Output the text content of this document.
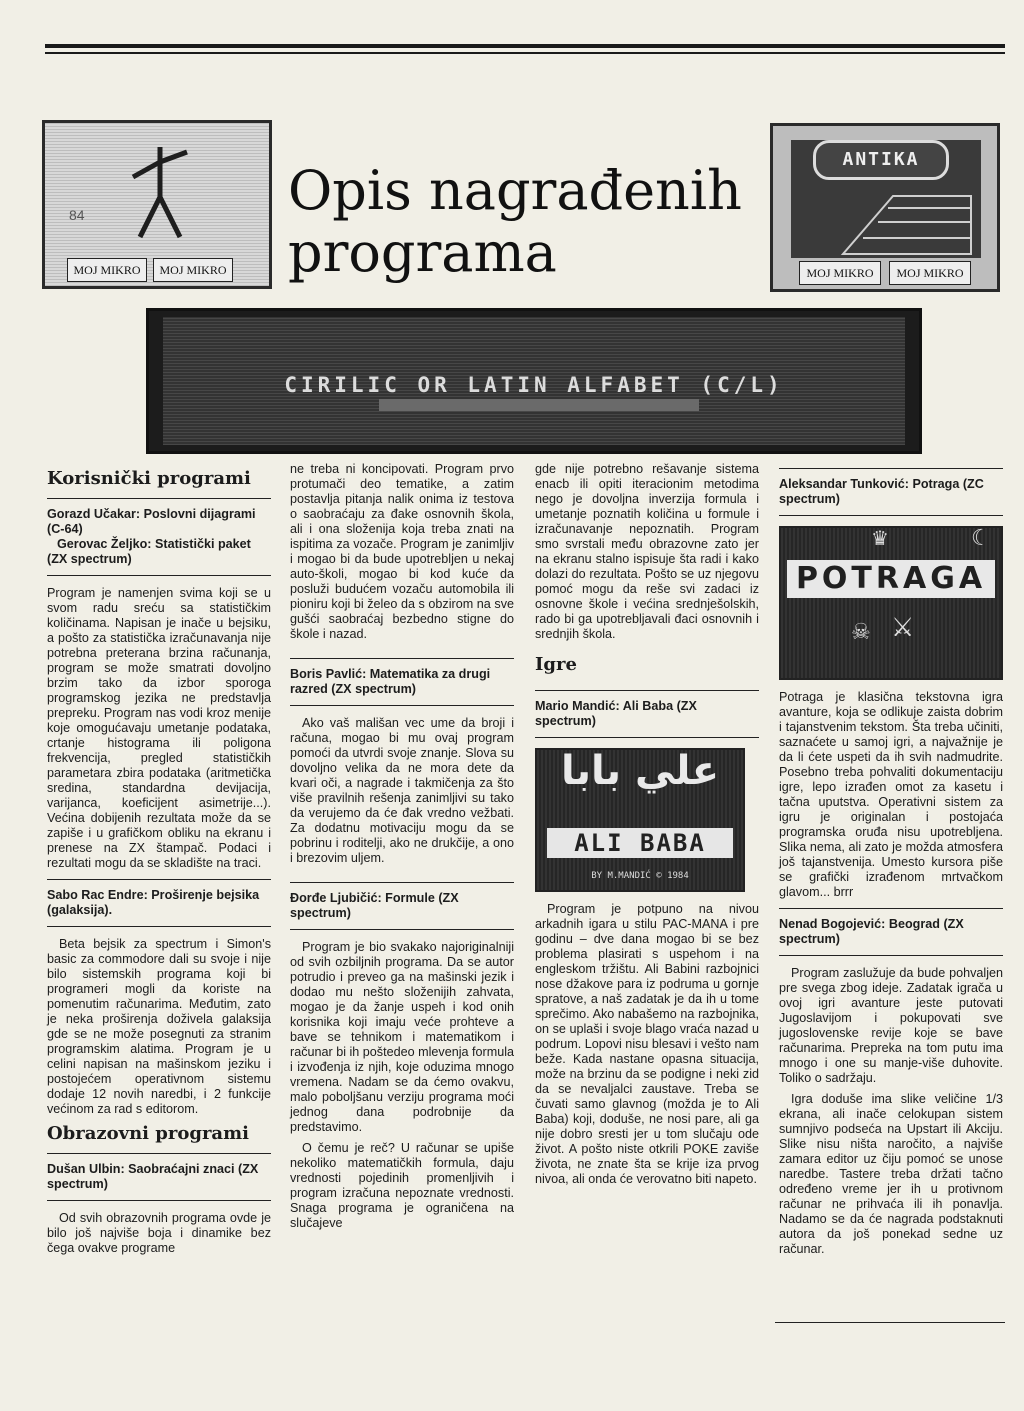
84
MOJ MIKRO	MOJ MIKRO
Opis nagrađenih
programa
ANTIKA
MOJ MIKRO	MOJ MIKRO
CIRILIC OR LATIN ALFABET (C/L)
Korisnički programi
Gorazd Učakar: Poslovni dijagrami (C-64)
Gerovac Željko: Statistički paket (ZX spectrum)

Program je namenjen svima koji se u svom radu sreću sa statističkim količinama. Napisan je inače u bejsiku, a pošto za statistička izračunavanja nije potrebna preterana brzina računanja, program se može smatrati dovoljno brzim tako da izbor sporoga programskog jezika ne predstavlja prepreku. Program nas vodi kroz menije koje omogućavaju umetanje podataka, crtanje histograma ili poligona frekvencija, pregled statističkih parametara zbira podataka (aritmetička sredina, standardna devijacija, varijanca, koeficijent asimetrije...). Većina dobijenih rezultata može da se zapiše i u grafičkom obliku na ekranu i prenese na ZX štampač. Podaci i rezultati mogu da se skladište na traci.

Sabo Rac Endre: Proširenje bejsika (galaksija).

Beta bejsik za spectrum i Simon's basic za commodore dali su svoje i nije bilo sistemskih programa koji bi programeri mogli da koriste na pomenutim računarima. Međutim, zato je neka proširenja doživela galaksija gde se ne može posegnuti za stranim programskim alatima. Program je u celini napisan na mašinskom jeziku i postojećem operativnom sistemu dodaje 12 novih naredbi, i 2 funkcije većinom za rad s editorom.

Obrazovni programi
Dušan Ulbin: Saobraćajni znaci (ZX spectrum)

Od svih obrazovnih programa ovde je bilo još najviše boja i dinamike bez čega ovakve programe

ne treba ni koncipovati. Program prvo protumači deo tematike, a zatim postavlja pitanja nalik onima iz testova o saobraćaju za đake osnovnih škola, ali i ona složenija koja treba znati na ispitima za vozače. Program je zanimljiv i mogao bi da bude upotrebljen u nekaj auto-školi, mogao bi kod kuće da posluži budućem vozaču automobila ili pioniru koji bi želeo da s obzirom na sve gušći saobraćaj bezbedno stigne do škole i nazad.

Boris Pavlić: Matematika za drugi razred (ZX spectrum)

Ako vaš mališan vec ume da broji i računa, mogao bi mu ovaj program pomoći da utvrdi svoje znanje. Slova su dovoljno velika da ne mora dete da kvari oči, a nagrade i takmičenja za što više pravilnih rešenja zanimljivi su tako da verujemo da će đak vredno vežbati. Za dodatnu motivaciju mogu da se pobrinu i roditelji, ako ne drukčije, a ono i brezovim uljem.

Đorđe Ljubičić: Formule (ZX spectrum)

Program je bio svakako najoriginalniji od svih ozbiljnih programa. Da se autor potrudio i preveo ga na mašinski jezik i dodao mu nešto složenijih zahvata, mogao je da žanje uspeh i kod onih korisnika koji imaju veće prohteve a bave se tehnikom i matematikom i računar bi ih poštedeo mlevenja formula i izvođenja iz njih, koje oduzima mnogo vremena. Nadam se da ćemo ovakvu, malo poboljšanu verziju programa moći jednog dana podrobnije da predstavimo.

O čemu je reč? U računar se upiše nekoliko matematičkih formula, daju vrednosti pojedinih promenljivih i program izračuna nepoznate vrednosti. Snaga programa je ograničena na slučajeve

gde nije potrebno rešavanje sistema enacb ili opiti iteracionim metodima nego je dovoljna inverzija formula i umetanje poznatih količina u formule i izračunavanje nepoznatih. Program smo svrstali među obrazovne zato jer na ekranu stalno ispisuje šta radi i kako dolazi do rezultata. Pošto se uz njegovu pomoć mogu da reše svi zadaci iz osnovne škole i većina srednješolskih, rado bi ga upotrebljavali đaci osnovnih i srednjih škola.

Igre
Mario Mandić: Ali Baba (ZX spectrum)
علي بابا
ALI BABA
BY M.MANDIĆ © 1984

Program je potpuno na nivou arkadnih igara u stilu PAC-MANA i pre godinu – dve dana mogao bi se bez problema plasirati s uspehom i na engleskom tržištu. Ali Babini razbojnici nose džakove para iz podruma u gornje spratove, a naš zadatak je da ih u tome sprečimo. Ako nabašemo na razbojnika, on se uplaši i svoje blago vraća nazad u podrum. Lopovi nisu blesavi i veštо nam beže. Kada nastane opasna situacija, može na brzinu da se podigne i neki zid da se nevaljalci zaustave. Treba se čuvati samo glavnog (možda je to Ali Baba) koji, doduše, ne nosi pare, ali ga nije dobro sresti jer u tom slučaju ode život. A pošto niste otkrili POKE zaviše života, ne znate šta se krije iza prvog nivoa, ali onda će verovatno biti napeto.

Aleksandar Tunković: Potraga (ZC spectrum)
♛	☾
POTRAGA
☠ ⚔

Potraga je klasična tekstovna igra avanture, koja se odlikuje zaista dobrim i tajanstvenim tekstom. Šta treba učiniti, saznaćete u samoj igri, a najvažnije je da li ćete uspeti da ih svih nadmudrite. Posebno treba pohvaliti dokumentaciju igre, lepo izrađen omot za kasetu i tačna uputstva. Operativni sistem za igru je originalan i postojaća programska oruđa nisu upotrebljena. Slika nema, ali zato je možda atmosfera još tajanstvenija. Umesto kursora piše se grafički izrađenom mrtvačkom glavom... brrr

Nenad Bogojević: Beograd (ZX spectrum)

Program zaslužuje da bude pohvaljen pre svega zbog ideje. Zadatak igrača u ovoj igri avanture jeste putovati Jugoslavijom i pokupovati sve jugoslovenske revije koje se bave računarima. Prepreka na tom putu ima mnogo i one su manje-više duhovite. Toliko o sadržaju.

Igra doduše ima slike veličine 1/3 ekrana, ali inače celokupan sistem sumnjivo podseća na Upstart ili Akciju. Slike nisu ništa naročito, a najviše zamara editor uz čiju pomoć se unose naredbe. Tastere treba držati tačno određeno vreme jer ih u protivnom računar ne prihvaća ili ih ponavlja. Nadamo se da će nagrada podstaknuti autora da još ponekad sedne uz računar.
